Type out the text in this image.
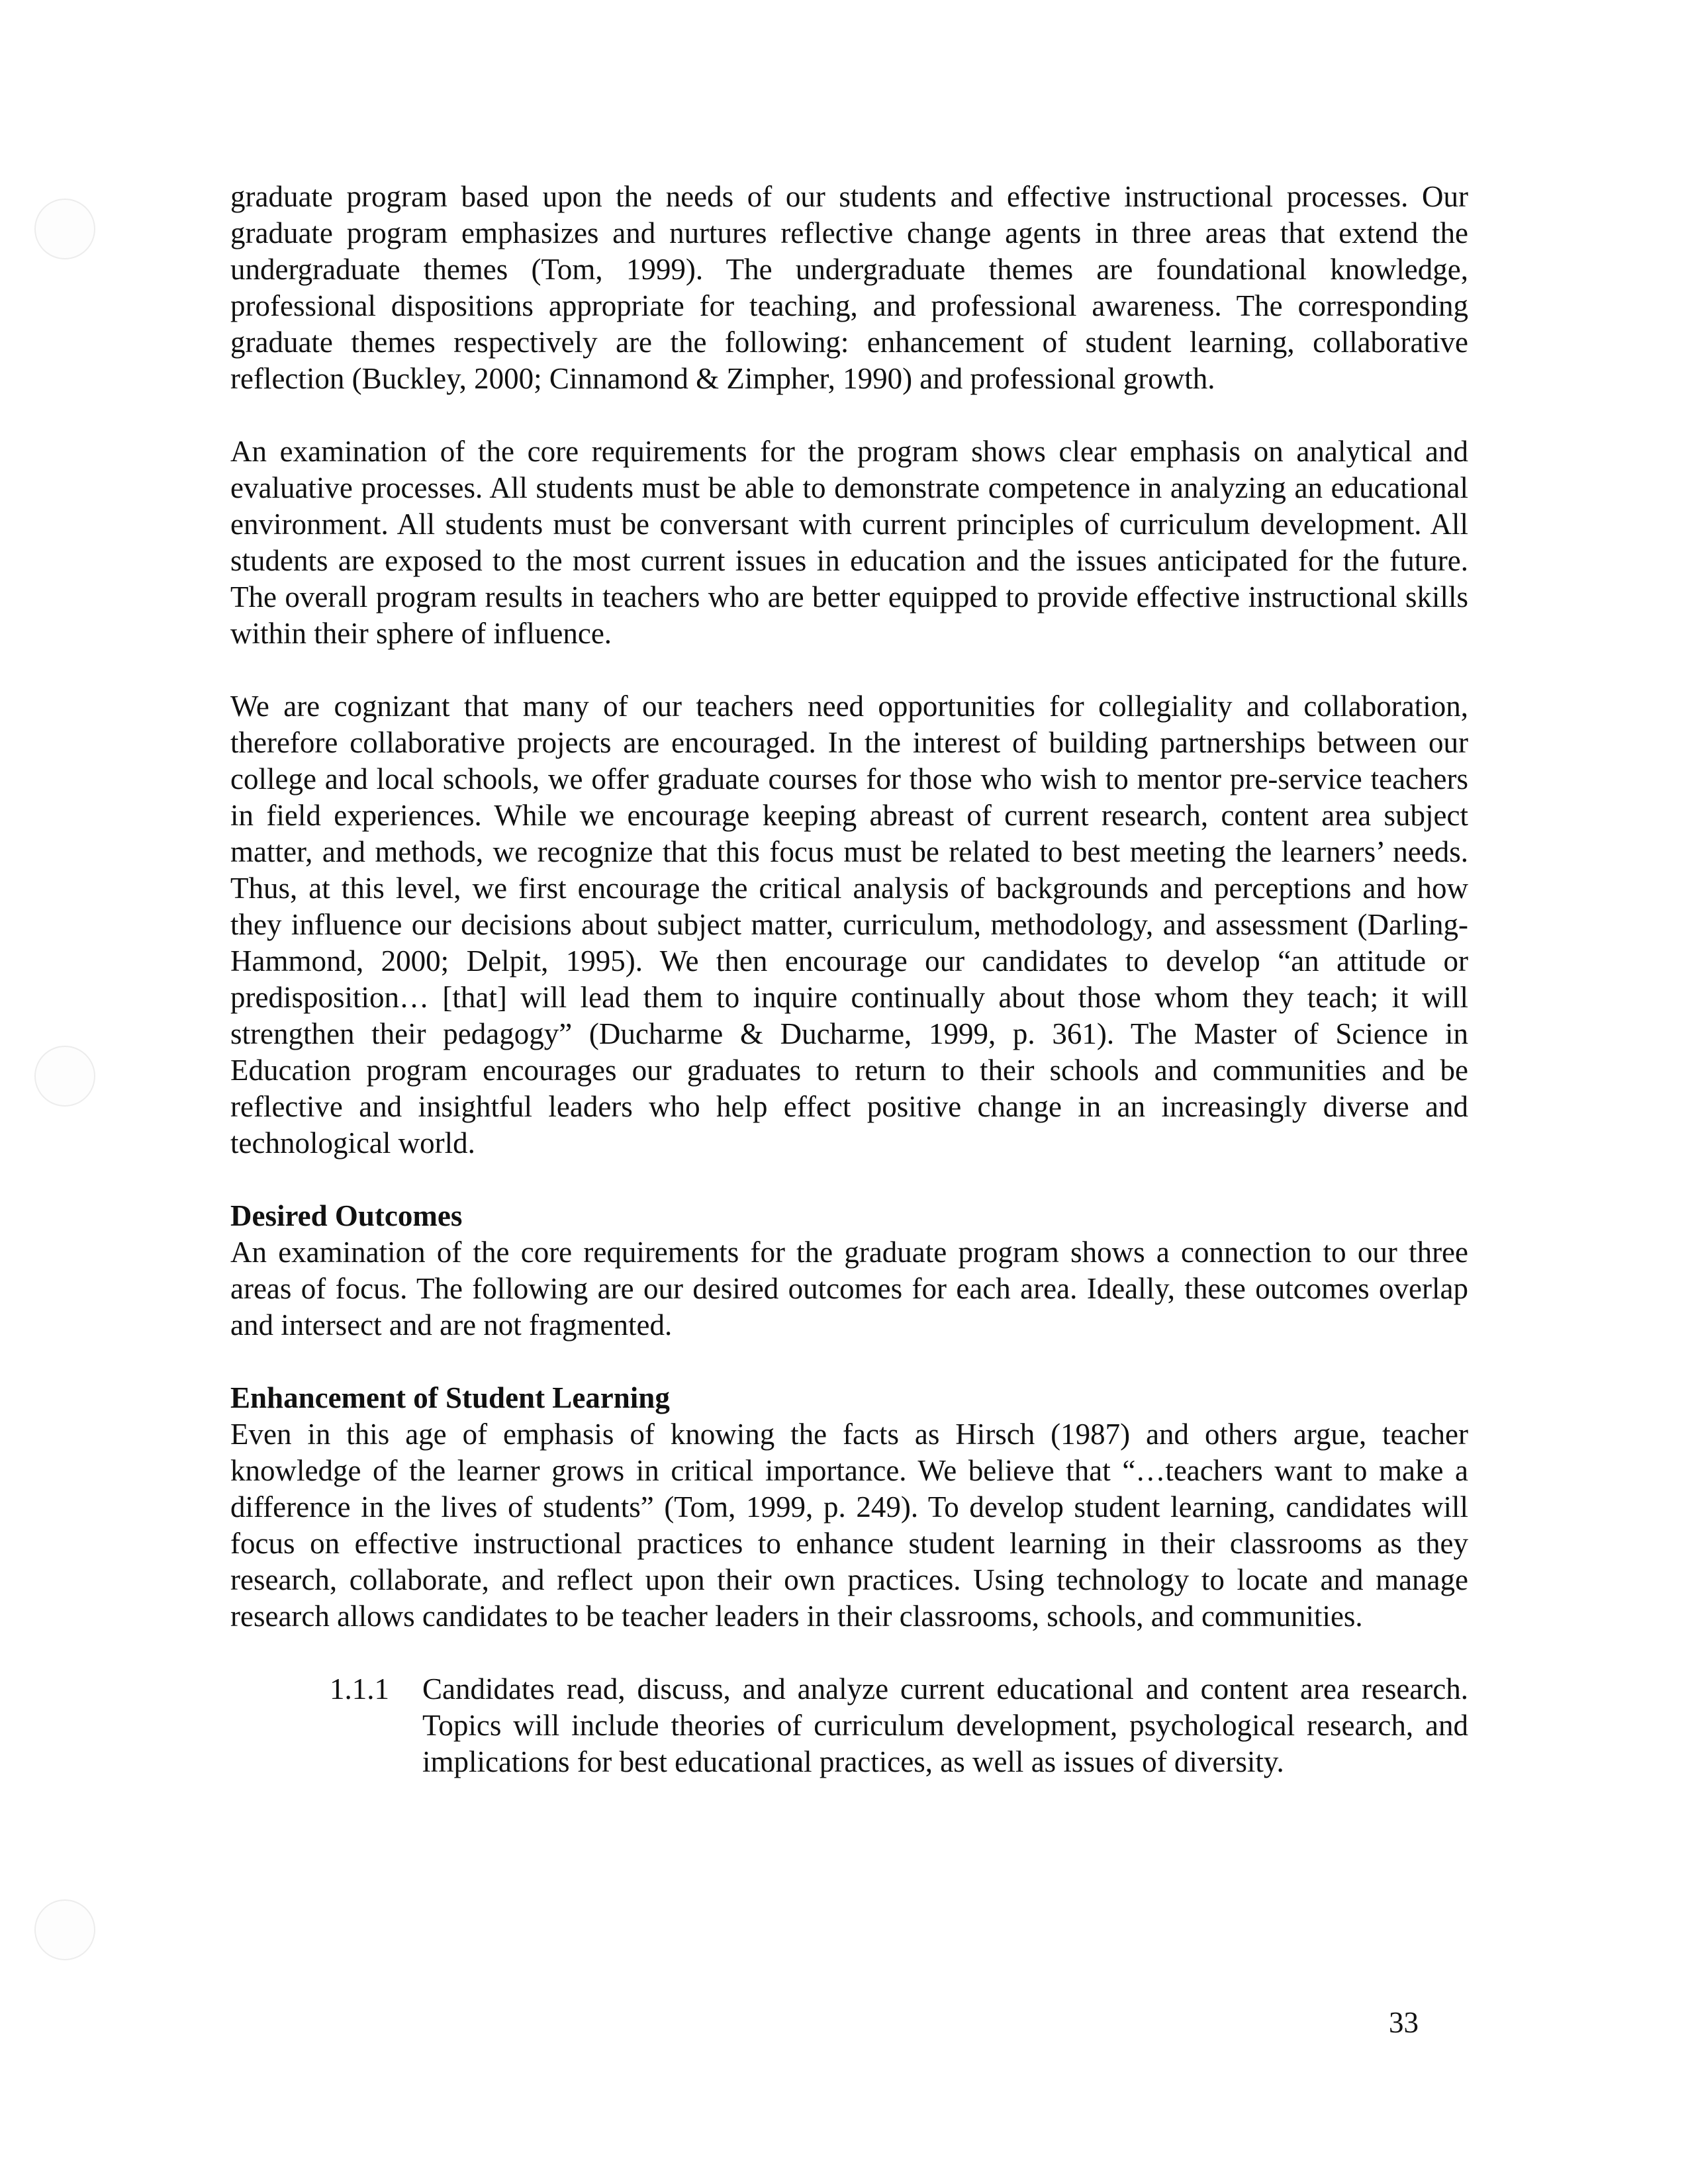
graduate program based upon the needs of our students and effective instructional processes. Our graduate program emphasizes and nurtures reflective change agents in three areas that extend the undergraduate themes (Tom, 1999). The undergraduate themes are foundational knowledge, professional dispositions appropriate for teaching, and professional awareness. The corresponding graduate themes respectively are the following: enhancement of student learning, collaborative reflection (Buckley, 2000; Cinnamond & Zimpher, 1990) and professional growth.

An examination of the core requirements for the program shows clear emphasis on analytical and evaluative processes. All students must be able to demonstrate competence in analyzing an educational environment. All students must be conversant with current principles of curriculum development. All students are exposed to the most current issues in education and the issues anticipated for the future. The overall program results in teachers who are better equipped to provide effective instructional skills within their sphere of influence.

We are cognizant that many of our teachers need opportunities for collegiality and collaboration, therefore collaborative projects are encouraged. In the interest of building partnerships between our college and local schools, we offer graduate courses for those who wish to mentor pre-service teachers in field experiences. While we encourage keeping abreast of current research, content area subject matter, and methods, we recognize that this focus must be related to best meeting the learners’ needs. Thus, at this level, we first encourage the critical analysis of backgrounds and perceptions and how they influence our decisions about subject matter, curriculum, methodology, and assessment (Darling-Hammond, 2000; Delpit, 1995). We then encourage our candidates to develop “an attitude or predisposition… [that] will lead them to inquire continually about those whom they teach; it will strengthen their pedagogy” (Ducharme & Ducharme, 1999, p. 361). The Master of Science in Education program encourages our graduates to return to their schools and communities and be reflective and insightful leaders who help effect positive change in an increasingly diverse and technological world.

Desired Outcomes

An examination of the core requirements for the graduate program shows a connection to our three areas of focus. The following are our desired outcomes for each area. Ideally, these outcomes overlap and intersect and are not fragmented.

Enhancement of Student Learning

Even in this age of emphasis of knowing the facts as Hirsch (1987) and others argue, teacher knowledge of the learner grows in critical importance. We believe that “…teachers want to make a difference in the lives of students” (Tom, 1999, p. 249). To develop student learning, candidates will focus on effective instructional practices to enhance student learning in their classrooms as they research, collaborate, and reflect upon their own practices. Using technology to locate and manage research allows candidates to be teacher leaders in their classrooms, schools, and communities.

1.1.1	Candidates read, discuss, and analyze current educational and content area research. Topics will include theories of curriculum development, psychological research, and implications for best educational practices, as well as issues of diversity.
33
